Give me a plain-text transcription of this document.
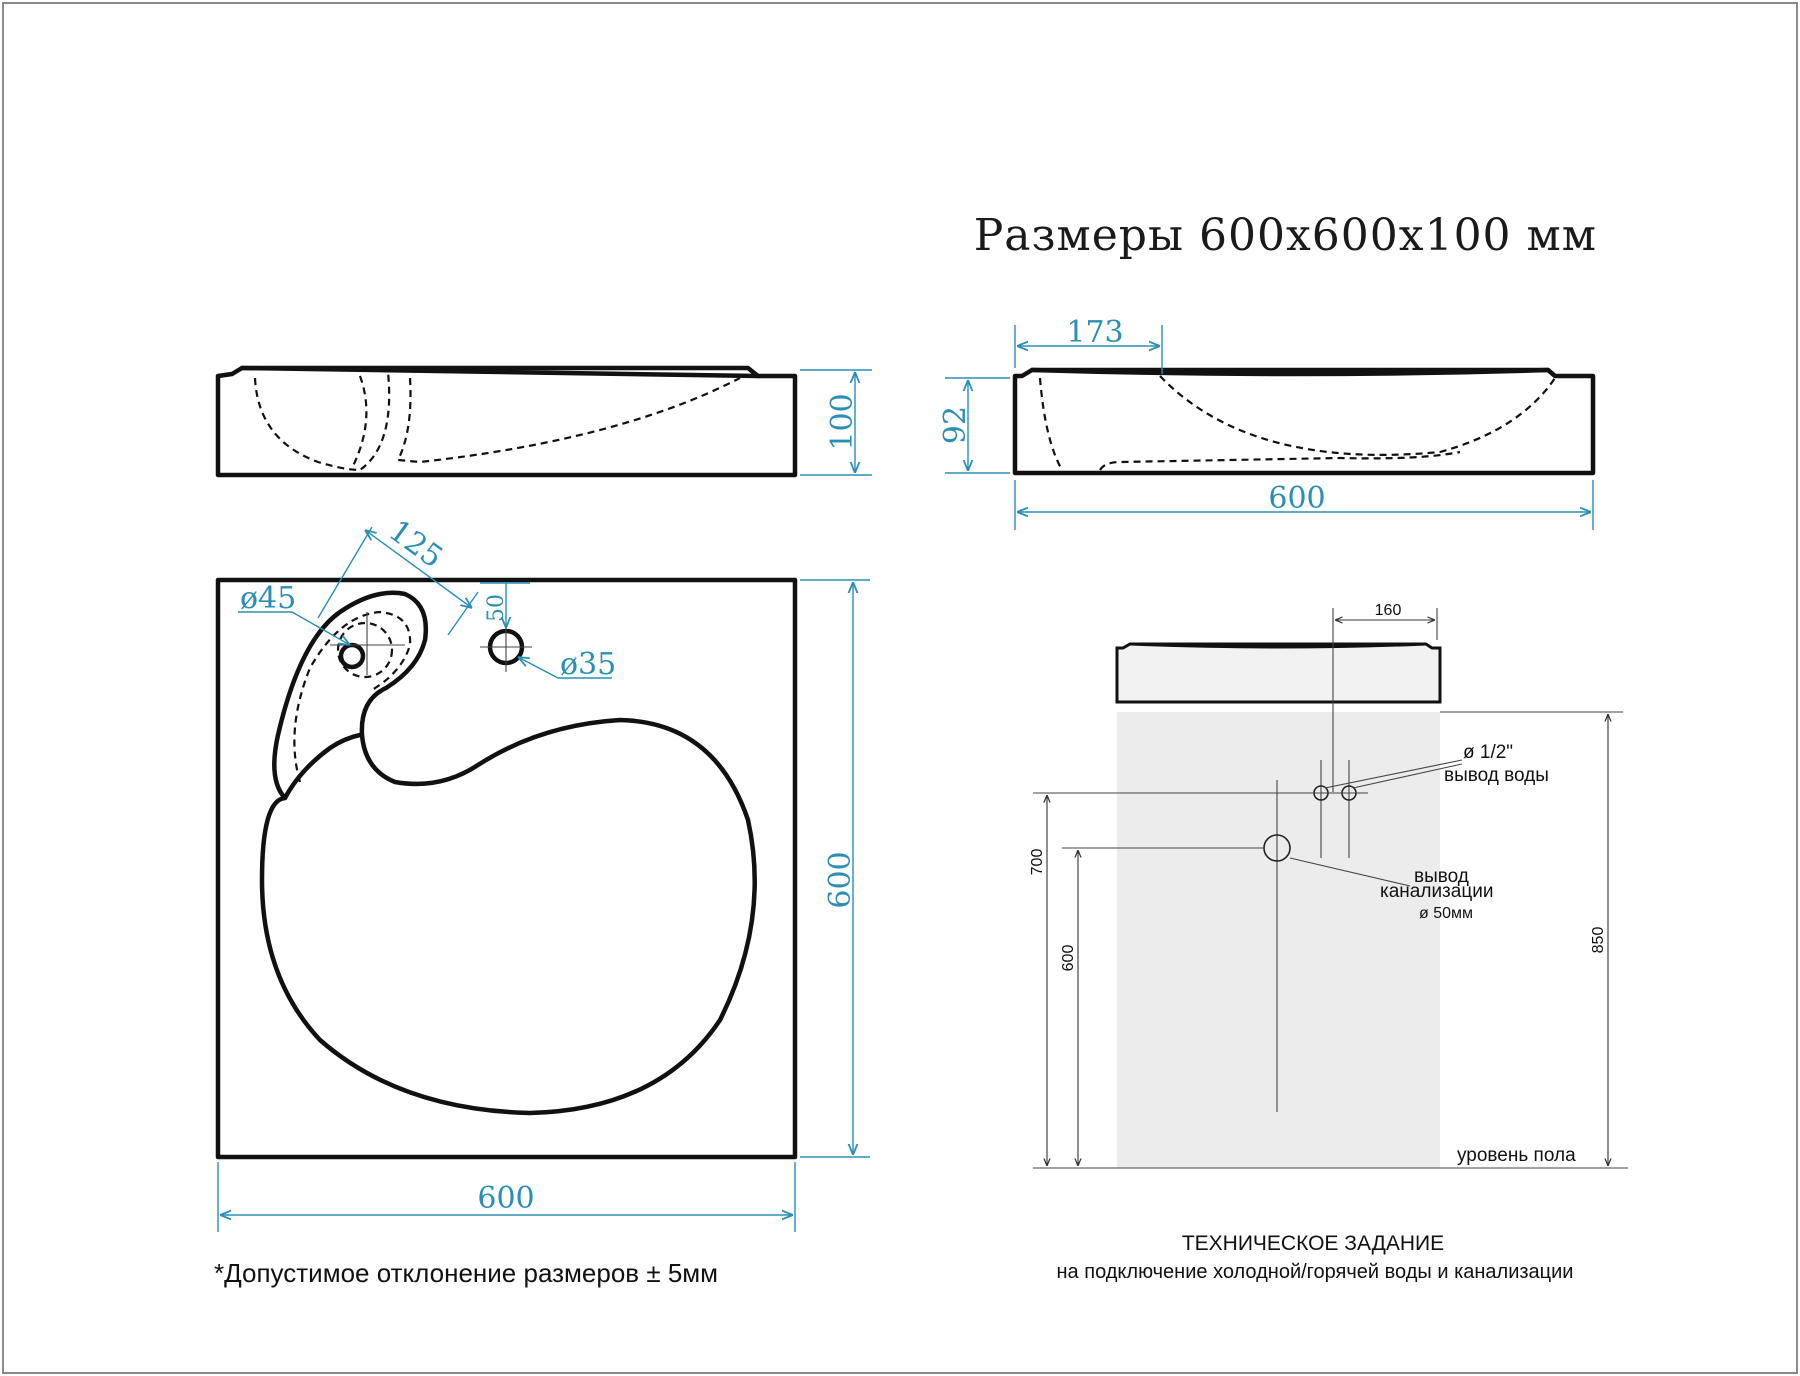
Размеры 600х600х100 мм
100
173
92
600
125
ø45	50
ø35
600
600
*Допустимое отклонение размеров ± 5мм
160
ø 1/2"
вывод воды
вывод
канализации
ø 50мм
700
600
850
уровень пола
ТЕХНИЧЕСКОЕ ЗАДАНИЕ
на подключение холодной/горячей воды и канализации
